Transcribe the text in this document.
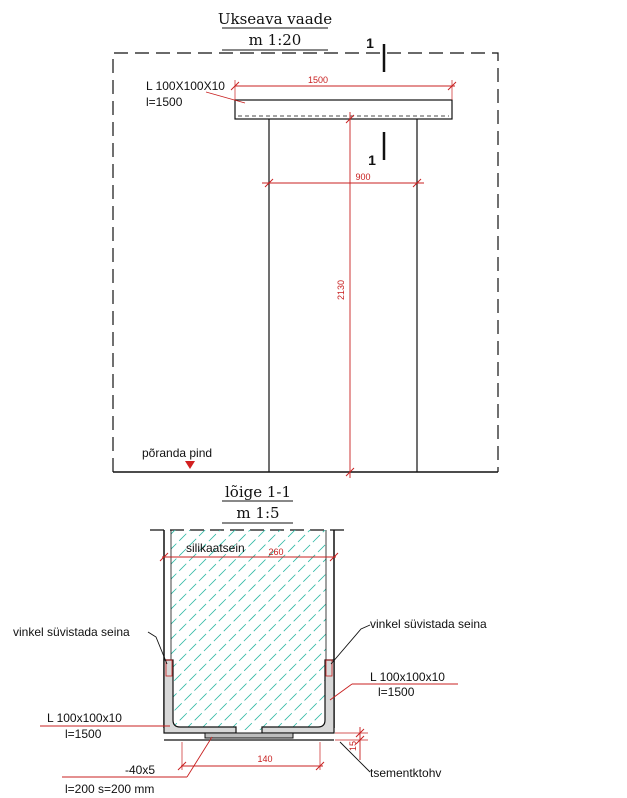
Ukseava vaade
m 1:20	1
1
L 100X100X10
l=1500
1500
900
2130
põranda pind
lõige 1-1
m 1:5
260
silikaatsein
140
15
vinkel süvistada seina
vinkel süvistada seina
L 100x100x10
l=1500
L 100x100x10
l=1500
-40x5
l=200 s=200 mm
tsementktohv
